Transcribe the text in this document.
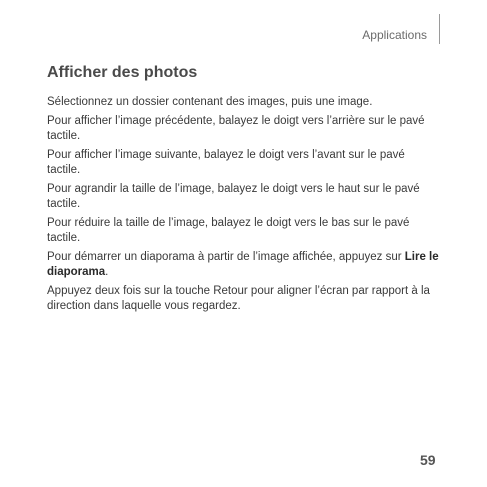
Applications
Afficher des photos

Sélectionnez un dossier contenant des images, puis une image.

Pour afficher l’image précédente, balayez le doigt vers l’arrière sur le pavé tactile.

Pour afficher l’image suivante, balayez le doigt vers l’avant sur le pavé tactile.

Pour agrandir la taille de l’image, balayez le doigt vers le haut sur le pavé tactile.

Pour réduire la taille de l’image, balayez le doigt vers le bas sur le pavé tactile.

Pour démarrer un diaporama à partir de l’image affichée, appuyez sur Lire le diaporama.

Appuyez deux fois sur la touche Retour pour aligner l’écran par rapport à la direction dans laquelle vous regardez.

59
